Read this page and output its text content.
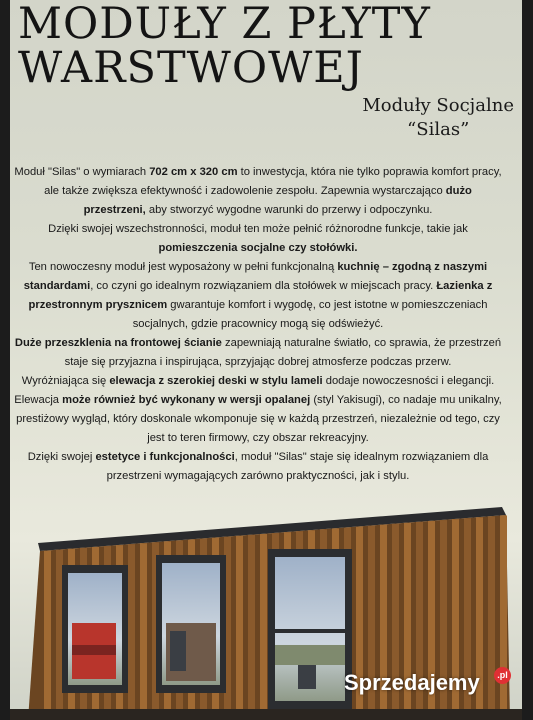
MODUŁY Z PŁYTY
WARSTWOWEJ
Moduły Socjalne
“Silas”

Moduł "Silas" o wymiarach 702 cm x 320 cm to inwestycja, która nie tylko poprawia komfort pracy, ale także zwiększa efektywność i zadowolenie zespołu. Zapewnia wystarczająco dużo przestrzeni, aby stworzyć wygodne warunki do przerwy i odpoczynku.

Dzięki swojej wszechstronności, moduł ten może pełnić różnorodne funkcje, takie jak pomieszczenia socjalne czy stołówki.

Ten nowoczesny moduł jest wyposażony w pełni funkcjonalną kuchnię – zgodną z naszymi standardami, co czyni go idealnym rozwiązaniem dla stołówek w miejscach pracy. Łazienka z przestronnym prysznicem gwarantuje komfort i wygodę, co jest istotne w pomieszczeniach socjalnych, gdzie pracownicy mogą się odświeżyć.

Duże przeszklenia na frontowej ścianie zapewniają naturalne światło, co sprawia, że przestrzeń staje się przyjazna i inspirująca, sprzyjając dobrej atmosferze podczas przerw.

Wyróżniająca się elewacja z szerokiej deski w stylu lameli dodaje nowoczesności i elegancji. Elewacja może również być wykonany w wersji opalanej (styl Yakisugi), co nadaje mu unikalny, prestiżowy wygląd, który doskonale wkomponuje się w każdą przestrzeń, niezależnie od tego, czy jest to teren firmowy, czy obszar rekreacyjny.

Dzięki swojej estetyce i funkcjonalności, moduł "Silas" staje się idealnym rozwiązaniem dla przestrzeni wymagających zarówno praktyczności, jak i stylu.

Sprzedajemy	.pl
